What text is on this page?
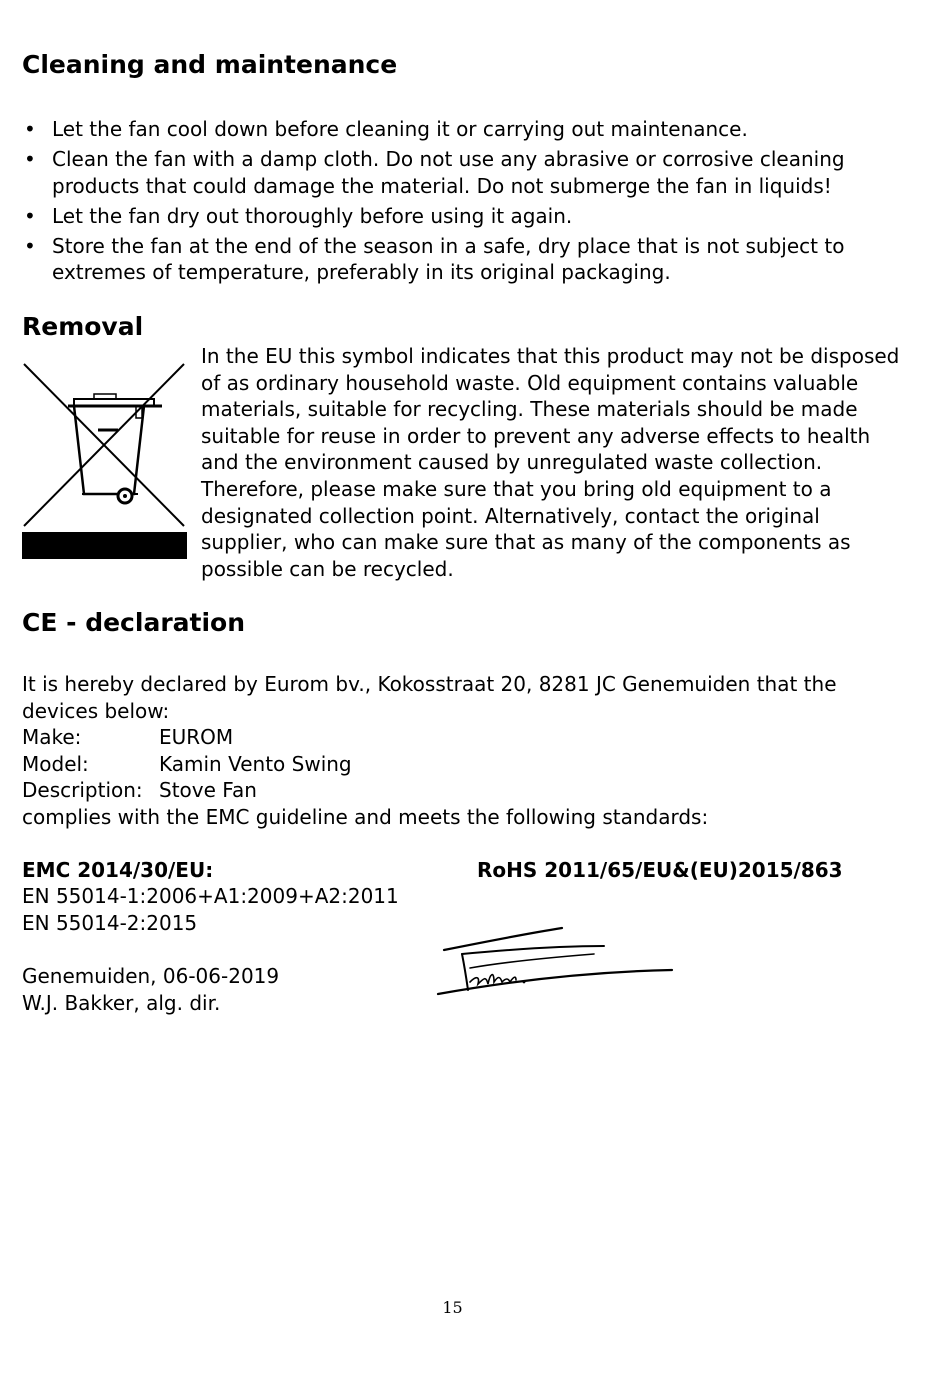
Cleaning and maintenance
• Let the fan cool down before cleaning it or carrying out maintenance.
• Clean the fan with a damp cloth. Do not use any abrasive or corrosive cleaning products that could damage the material. Do not submerge the fan in liquids!
• Let the fan dry out thoroughly before using it again.
• Store the fan at the end of the season in a safe, dry place that is not subject to extremes of temperature, preferably in its original packaging.
Removal
In the EU this symbol indicates that this product may not be disposed of as ordinary household waste. Old equipment contains valuable materials, suitable for recycling. These materials should be made suitable for reuse in order to prevent any adverse effects to health and the environment caused by unregulated waste collection. Therefore, please make sure that you bring old equipment to a designated collection point. Alternatively, contact the original supplier, who can make sure that as many of the components as possible can be recycled.
CE - declaration
It is hereby declared by Eurom bv., Kokosstraat 20, 8281 JC Genemuiden that the devices below:
Make:	EUROM
Model:	Kamin Vento Swing
Description: Stove Fan
complies with the EMC guideline and meets the following standards:
EMC 2014/30/EU:	RoHS 2011/65/EU&(EU)2015/863
EN 55014-1:2006+A1:2009+A2:2011
EN 55014-2:2015
Genemuiden, 06-06-2019
W.J. Bakker, alg. dir.
15
